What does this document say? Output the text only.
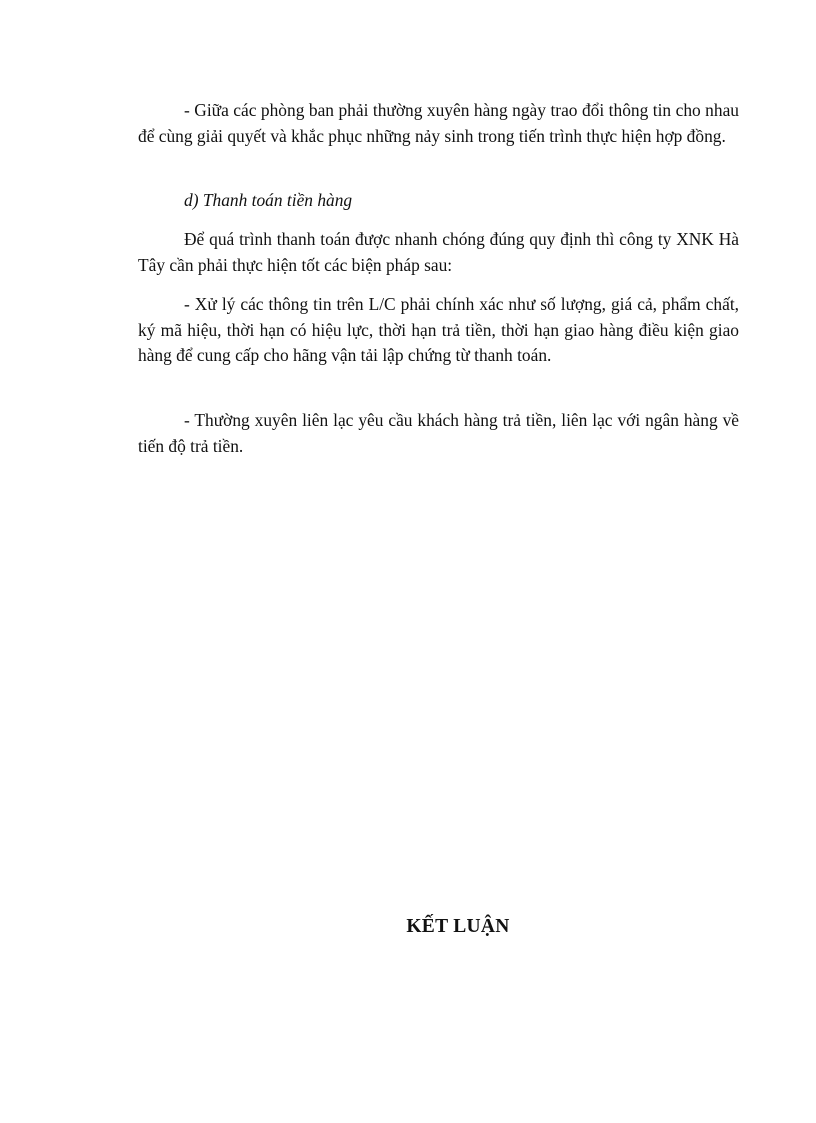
- Giữa các phòng ban phải thường xuyên hàng ngày trao đổi thông tin cho nhau để cùng giải quyết và khắc phục những nảy sinh trong tiến trình thực hiện hợp đồng.

d) Thanh toán tiền hàng

Để quá trình thanh toán được nhanh chóng đúng quy định thì công ty XNK Hà Tây cần phải thực hiện tốt các biện pháp sau:

- Xử lý các thông tin trên L/C phải chính xác như số lượng, giá cả, phẩm chất, ký mã hiệu, thời hạn có hiệu lực, thời hạn trả tiền, thời hạn giao hàng điều kiện giao hàng để cung cấp cho hãng vận tải lập chứng từ thanh toán.

- Thường xuyên liên lạc yêu cầu khách hàng trả tiền, liên lạc với ngân hàng về tiến độ trả tiền.

KẾT LUẬN
